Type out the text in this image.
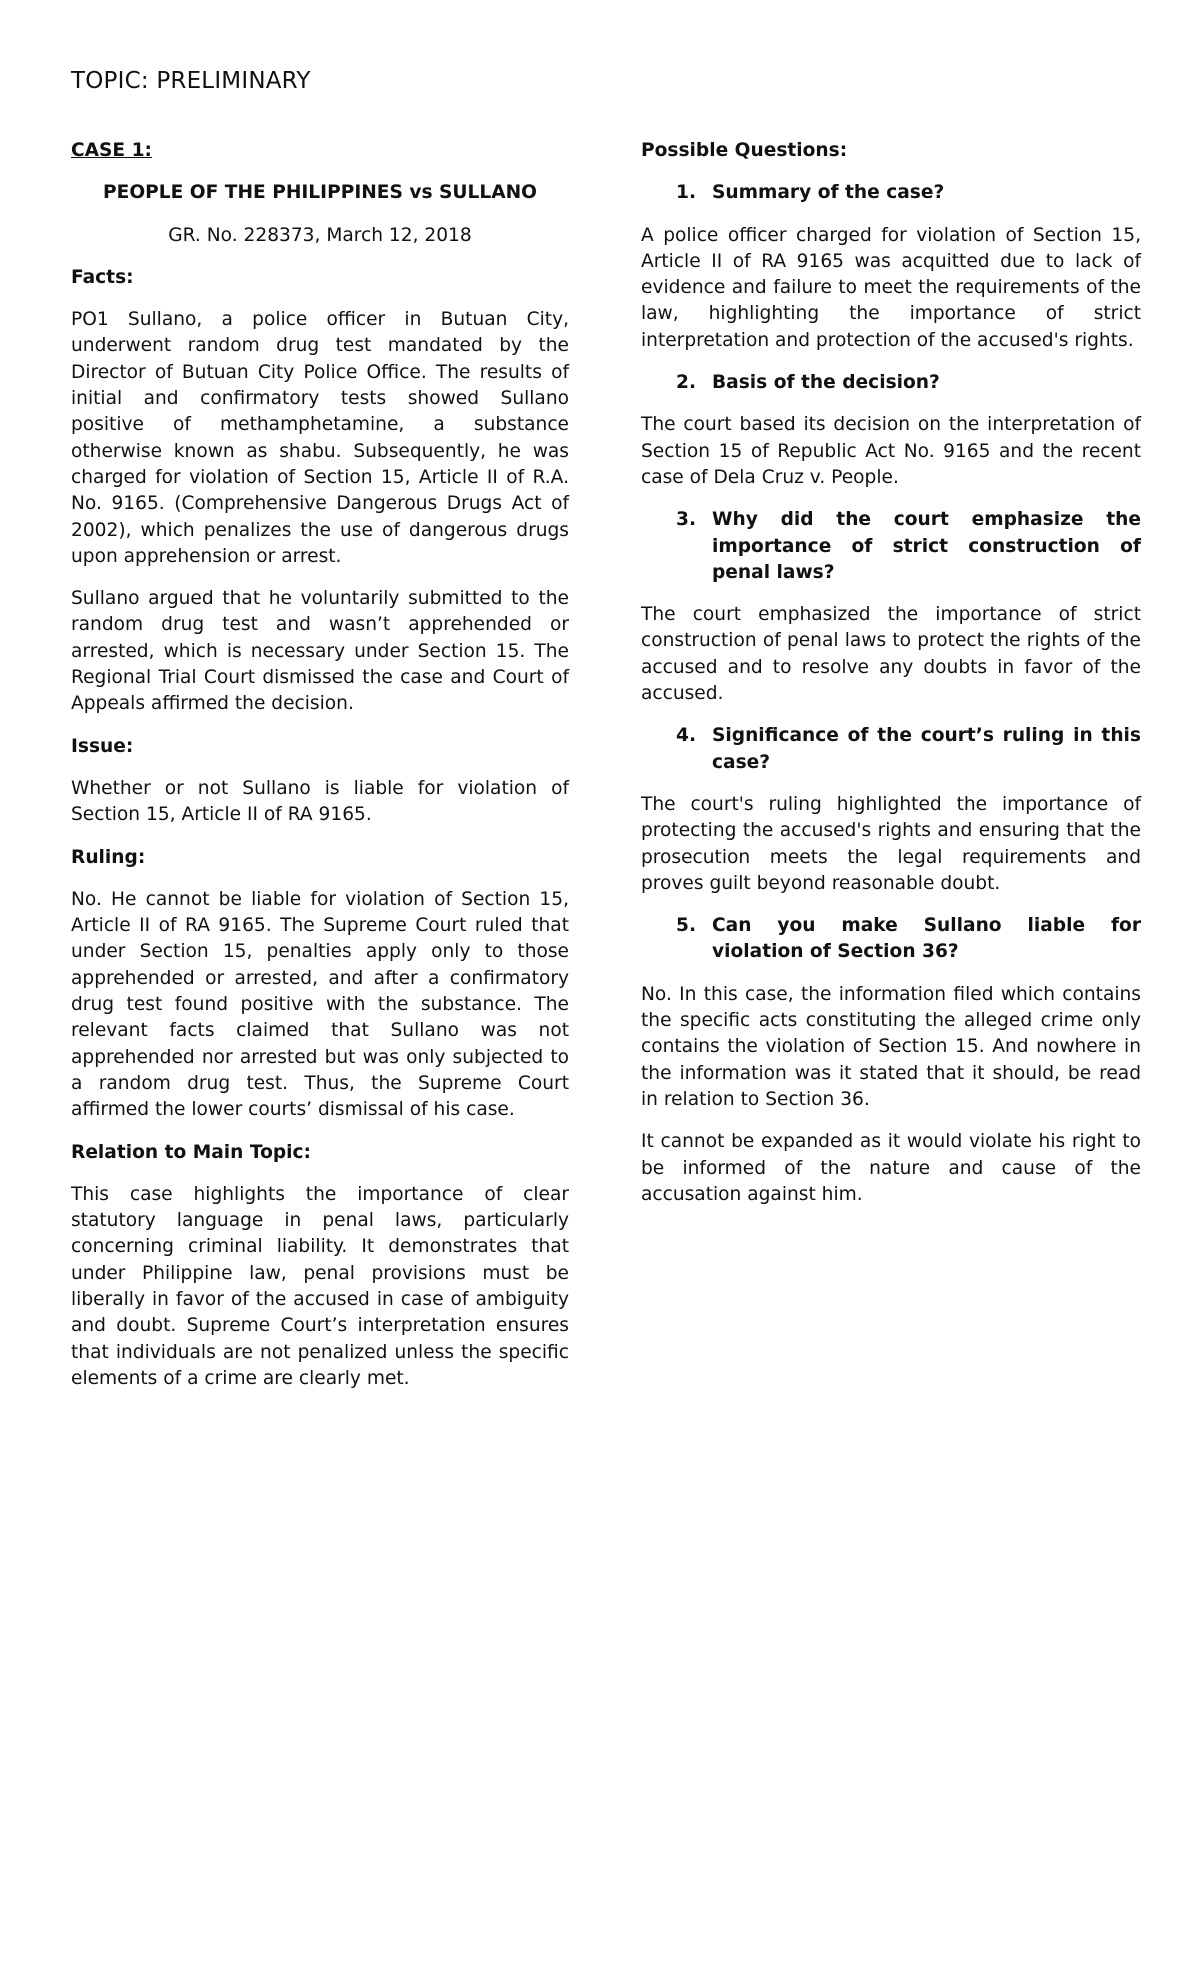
TOPIC: PRELIMINARY
CASE 1:
PEOPLE OF THE PHILIPPINES vs SULLANO
GR. No. 228373, March 12, 2018
Facts:
PO1 Sullano, a police officer in Butuan City, underwent random drug test mandated by the Director of Butuan City Police Office. The results of initial and confirmatory tests showed Sullano positive of methamphetamine, a substance otherwise known as shabu. Subsequently, he was charged for violation of Section 15, Article II of R.A. No. 9165. (Comprehensive Dangerous Drugs Act of 2002), which penalizes the use of dangerous drugs upon apprehension or arrest.
Sullano argued that he voluntarily submitted to the random drug test and wasn’t apprehended or arrested, which is necessary under Section 15. The Regional Trial Court dismissed the case and Court of Appeals affirmed the decision.
Issue:
Whether or not Sullano is liable for violation of Section 15, Article II of RA 9165.
Ruling:
No. He cannot be liable for violation of Section 15, Article II of RA 9165. The Supreme Court ruled that under Section 15, penalties apply only to those apprehended or arrested, and after a confirmatory drug test found positive with the substance. The relevant facts claimed that Sullano was not apprehended nor arrested but was only subjected to a random drug test. Thus, the Supreme Court affirmed the lower courts’ dismissal of his case.
Relation to Main Topic:
This case highlights the importance of clear statutory language in penal laws, particularly concerning criminal liability. It demonstrates that under Philippine law, penal provisions must be liberally in favor of the accused in case of ambiguity and doubt. Supreme Court’s interpretation ensures that individuals are not penalized unless the specific elements of a crime are clearly met.
Possible Questions:
1. Summary of the case?
A police officer charged for violation of Section 15, Article II of RA 9165 was acquitted due to lack of evidence and failure to meet the requirements of the law, highlighting the importance of strict interpretation and protection of the accused's rights.
2. Basis of the decision?
The court based its decision on the interpretation of Section 15 of Republic Act No. 9165 and the recent case of Dela Cruz v. People.
3. Why did the court emphasize the importance of strict construction of penal laws?
The court emphasized the importance of strict construction of penal laws to protect the rights of the accused and to resolve any doubts in favor of the accused.
4. Significance of the court’s ruling in this case?
The court's ruling highlighted the importance of protecting the accused's rights and ensuring that the prosecution meets the legal requirements and proves guilt beyond reasonable doubt.
5. Can you make Sullano liable for violation of Section 36?
No. In this case, the information filed which contains the specific acts constituting the alleged crime only contains the violation of Section 15. And nowhere in the information was it stated that it should, be read in relation to Section 36.
It cannot be expanded as it would violate his right to be informed of the nature and cause of the accusation against him.
